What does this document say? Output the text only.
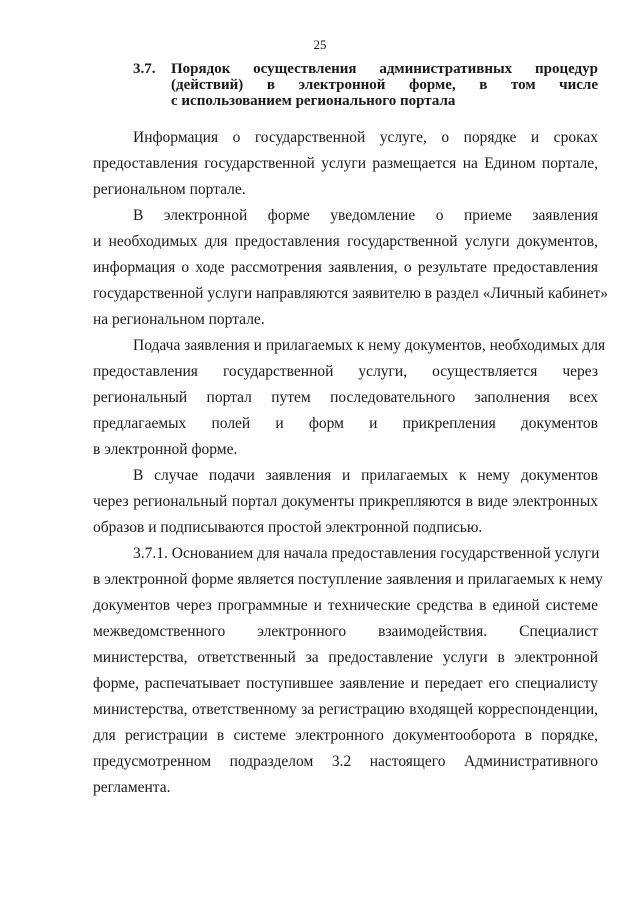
25
3.7.	Порядок осуществления административных процедур
(действий) в электронной форме, в том числе
с использованием регионального портала
Информация о государственной услуге, о порядке и сроках
предоставления государственной услуги размещается на Едином портале,
региональном портале.
В электронной форме уведомление о приеме заявления
и необходимых для предоставления государственной услуги документов,
информация о ходе рассмотрения заявления, о результате предоставления
государственной услуги направляются заявителю в раздел «Личный кабинет»
на региональном портале.
Подача заявления и прилагаемых к нему документов, необходимых для
предоставления государственной услуги, осуществляется через
региональный портал путем последовательного заполнения всех
предлагаемых полей и форм и прикрепления документов
в электронной форме.
В случае подачи заявления и прилагаемых к нему документов
через региональный портал документы прикрепляются в виде электронных
образов и подписываются простой электронной подписью.
3.7.1. Основанием для начала предоставления государственной услуги
в электронной форме является поступление заявления и прилагаемых к нему
документов через программные и технические средства в единой системе
межведомственного электронного взаимодействия. Специалист
министерства, ответственный за предоставление услуги в электронной
форме, распечатывает поступившее заявление и передает его специалисту
министерства, ответственному за регистрацию входящей корреспонденции,
для регистрации в системе электронного документооборота в порядке,
предусмотренном подразделом 3.2 настоящего Административного
регламента.
